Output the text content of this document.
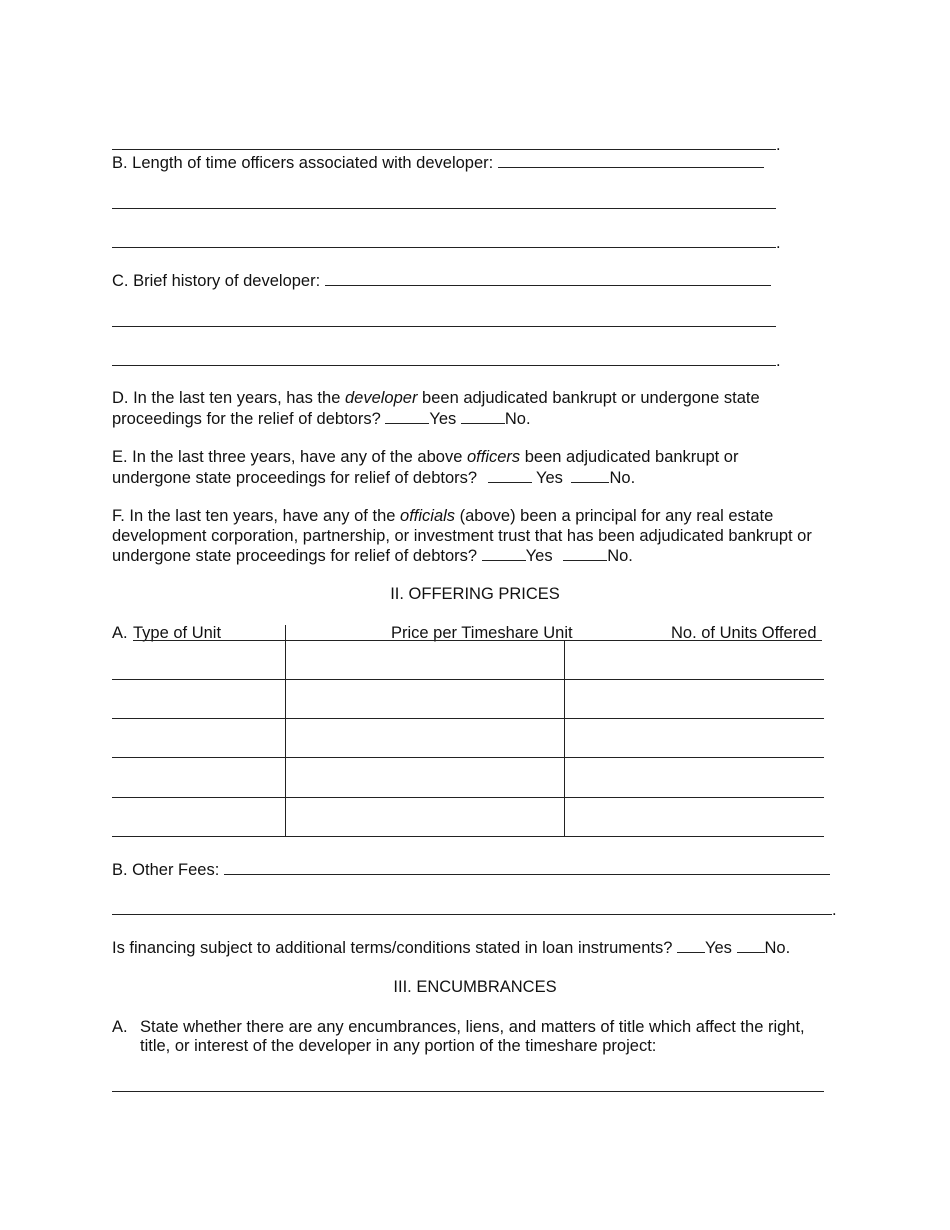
.
B. Length of time officers associated with developer:
.
C. Brief history of developer:
.
D. In the last ten years, has the developer been adjudicated bankrupt or undergone state
proceedings for the relief of debtors?	Yes	No.
E. In the last three years, have any of the above officers been adjudicated bankrupt or
undergone state proceedings for relief of debtors?	Yes	No.
F. In the last ten years, have any of the officials (above) been a principal for any real estate
development corporation, partnership, or investment trust that has been adjudicated bankrupt or
undergone state proceedings for relief of debtors?	Yes	No.
II. OFFERING PRICES
A. Type of Unit	Price per Timeshare Unit	No. of Units Offered
B. Other Fees:
.
Is financing subject to additional terms/conditions stated in loan instruments? Yes No.
III. ENCUMBRANCES
A. State whether there are any encumbrances, liens, and matters of title which affect the right,
title, or interest of the developer in any portion of the timeshare project:
